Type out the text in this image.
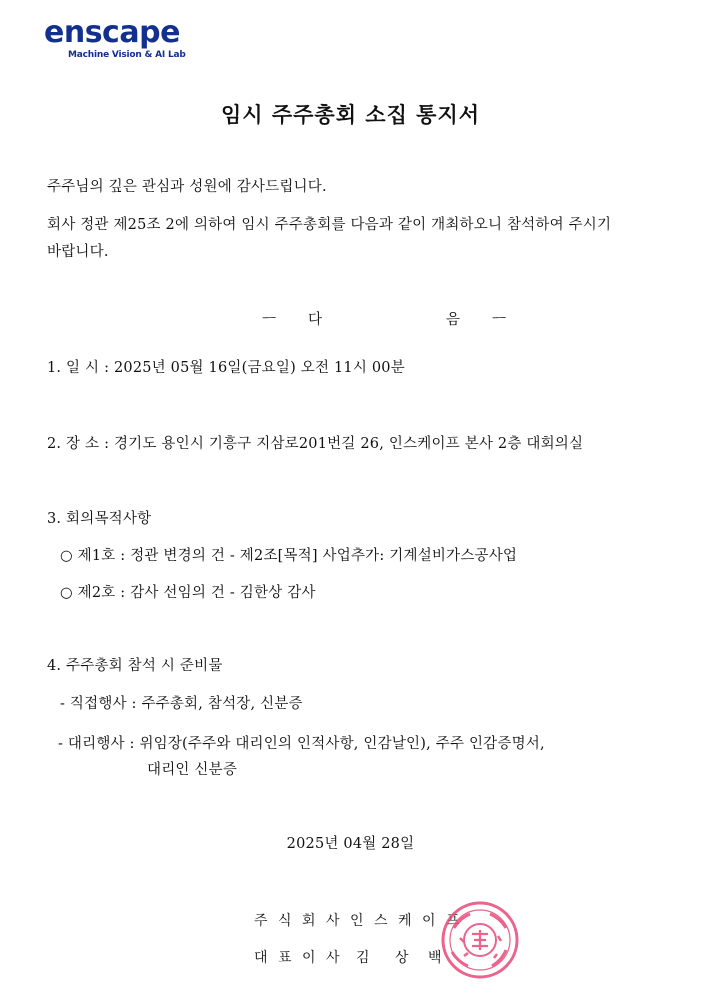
enscape
Machine Vision & AI Lab
임시 주주총회 소집 통지서
주주님의 깊은 관심과 성원에 감사드립니다.
회사 정관 제25조 2에 의하여 임시 주주총회를 다음과 같이 개최하오니 참석하여 주시기
바랍니다.
ㅡ 다	음 ㅡ
1. 일 시 : 2025년 05월 16일(금요일) 오전 11시 00분
2. 장 소 : 경기도 용인시 기흥구 지삼로201번길 26, 인스케이프 본사 2층 대회의실
3. 회의목적사항
○ 제1호 : 정관 변경의 건 - 제2조[목적] 사업추가: 기계설비가스공사업
○ 제2호 : 감사 선임의 건 - 김한상 감사
4. 주주총회 참석 시 준비물
- 직접행사 : 주주총회, 참석장, 신분증
- 대리행사 : 위임장(주주와 대리인의 인적사항, 인감날인), 주주 인감증명서,
대리인 신분증
2025년 04월 28일
주 식 회 사 인 스 케 이 프
대 표 이 사 김 상 백
